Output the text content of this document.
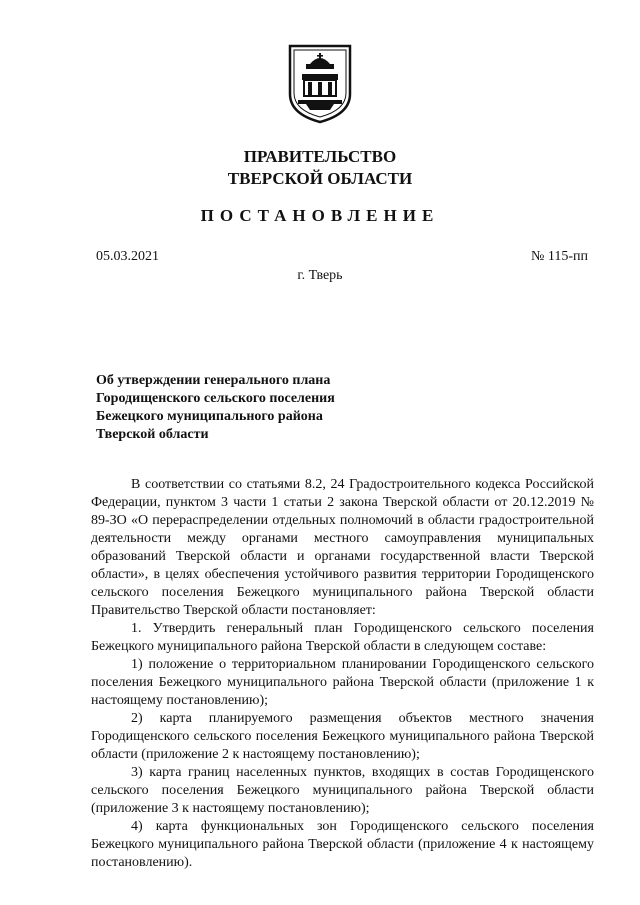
ПРАВИТЕЛЬСТВО
ТВЕРСКОЙ ОБЛАСТИ
ПОСТАНОВЛЕНИЕ
05.03.2021	№ 115-пп
г. Тверь
Об утверждении генерального плана
Городищенского сельского поселения
Бежецкого муниципального района
Тверской области

В соответствии со статьями 8.2, 24 Градостроительного кодекса Российской Федерации, пунктом 3 части 1 статьи 2 закона Тверской области от 20.12.2019 № 89-ЗО «О перераспределении отдельных полномочий в области градостроительной деятельности между органами местного самоуправления муниципальных образований Тверской области и органами государственной власти Тверской области», в целях обеспечения устойчивого развития территории Городищенского сельского поселения Бежецкого муниципального района Тверской области Правительство Тверской области постановляет:

1. Утвердить генеральный план Городищенского сельского поселения Бежецкого муниципального района Тверской области в следующем составе:

1) положение о территориальном планировании Городищенского сельского поселения Бежецкого муниципального района Тверской области (приложение 1 к настоящему постановлению);

2) карта планируемого размещения объектов местного значения Городищенского сельского поселения Бежецкого муниципального района Тверской области (приложение 2 к настоящему постановлению);

3) карта границ населенных пунктов, входящих в состав Городищенского сельского поселения Бежецкого муниципального района Тверской области (приложение 3 к настоящему постановлению);

4) карта функциональных зон Городищенского сельского поселения Бежецкого муниципального района Тверской области (приложение 4 к настоящему постановлению).
